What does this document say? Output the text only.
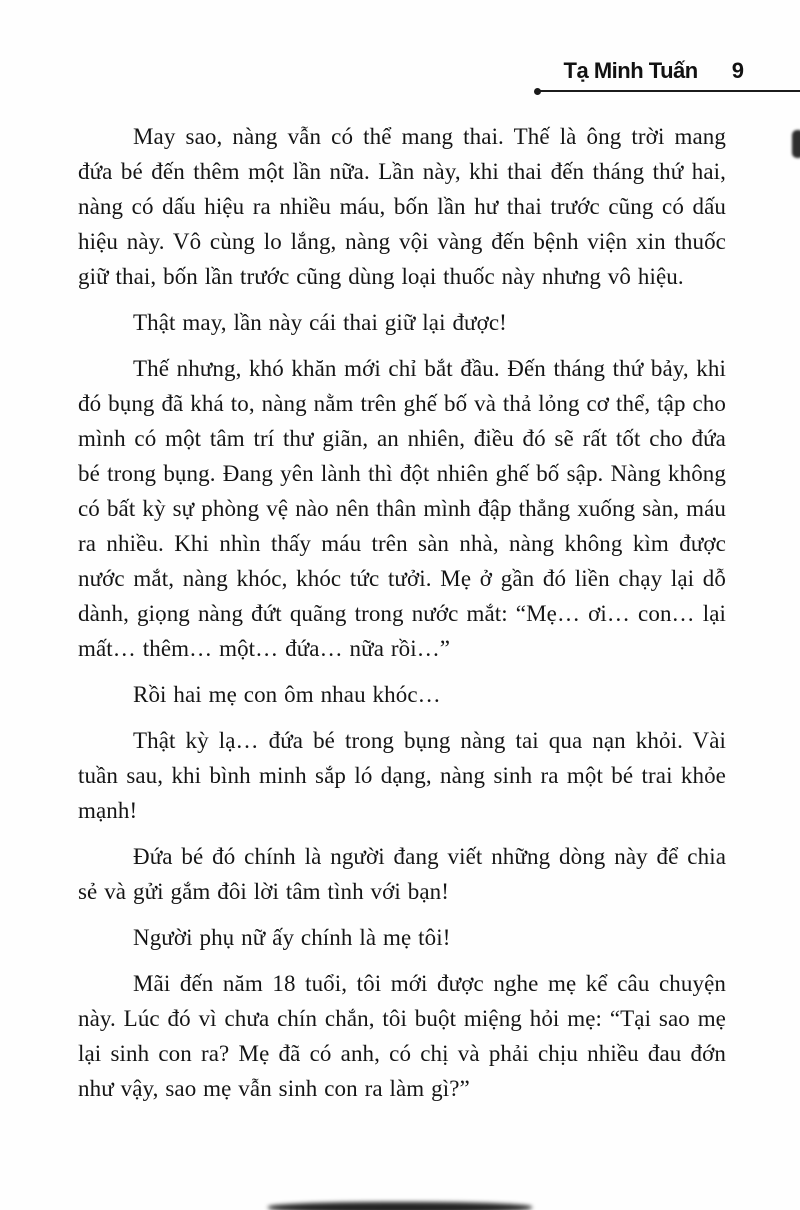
Tạ Minh Tuấn 9

May sao, nàng vẫn có thể mang thai. Thế là ông trời mang đứa bé đến thêm một lần nữa. Lần này, khi thai đến tháng thứ hai, nàng có dấu hiệu ra nhiều máu, bốn lần hư thai trước cũng có dấu hiệu này. Vô cùng lo lắng, nàng vội vàng đến bệnh viện xin thuốc giữ thai, bốn lần trước cũng dùng loại thuốc này nhưng vô hiệu.

Thật may, lần này cái thai giữ lại được!

Thế nhưng, khó khăn mới chỉ bắt đầu. Đến tháng thứ bảy, khi đó bụng đã khá to, nàng nằm trên ghế bố và thả lỏng cơ thể, tập cho mình có một tâm trí thư giãn, an nhiên, điều đó sẽ rất tốt cho đứa bé trong bụng. Đang yên lành thì đột nhiên ghế bố sập. Nàng không có bất kỳ sự phòng vệ nào nên thân mình đập thẳng xuống sàn, máu ra nhiều. Khi nhìn thấy máu trên sàn nhà, nàng không kìm được nước mắt, nàng khóc, khóc tức tưởi. Mẹ ở gần đó liền chạy lại dỗ dành, giọng nàng đứt quãng trong nước mắt: “Mẹ… ơi… con… lại mất… thêm… một… đứa… nữa rồi…”

Rồi hai mẹ con ôm nhau khóc…

Thật kỳ lạ… đứa bé trong bụng nàng tai qua nạn khỏi. Vài tuần sau, khi bình minh sắp ló dạng, nàng sinh ra một bé trai khỏe mạnh!

Đứa bé đó chính là người đang viết những dòng này để chia sẻ và gửi gắm đôi lời tâm tình với bạn!

Người phụ nữ ấy chính là mẹ tôi!

Mãi đến năm 18 tuổi, tôi mới được nghe mẹ kể câu chuyện này. Lúc đó vì chưa chín chắn, tôi buột miệng hỏi mẹ: “Tại sao mẹ lại sinh con ra? Mẹ đã có anh, có chị và phải chịu nhiều đau đớn như vậy, sao mẹ vẫn sinh con ra làm gì?”
